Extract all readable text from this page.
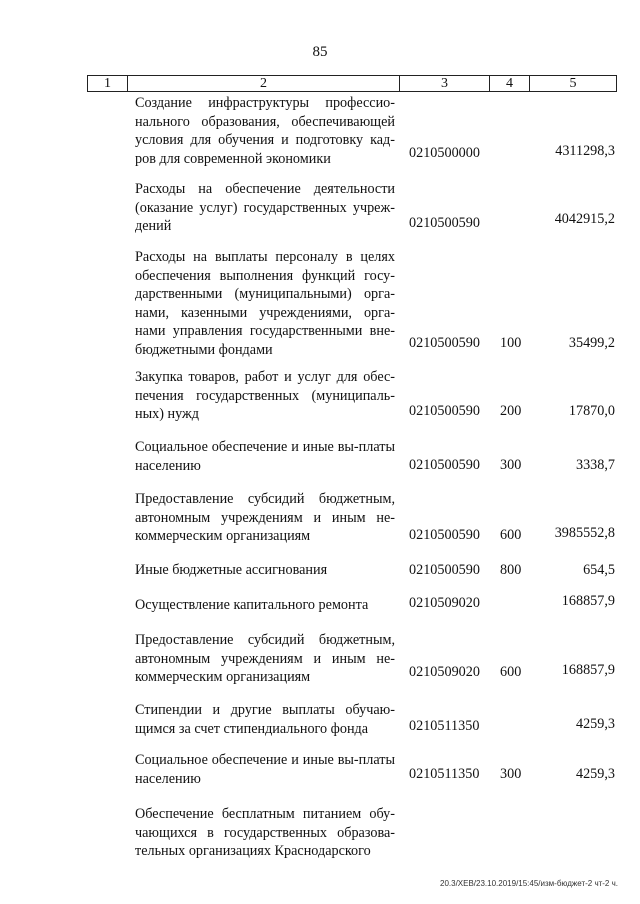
85
1	2	3	4	5
Создание инфраструктуры профессио-нального образования, обеспечивающей условия для обучения и подготовку кад-ров для современной экономики	0210500000	4311298,3
Расходы на обеспечение деятельности (оказание услуг) государственных учреж-дений	0210500590	4042915,2
Расходы на выплаты персоналу в целях обеспечения выполнения функций госу-дарственными (муниципальными) орга-нами, казенными учреждениями, орга-нами управления государственными вне-бюджетными фондами	0210500590 100	35499,2
Закупка товаров, работ и услуг для обес-печения государственных (муниципаль-ных) нужд	0210500590 200	17870,0
Социальное обеспечение и иные вы-платы населению	0210500590 300	3338,7
Предоставление субсидий бюджетным, автономным учреждениям и иным не-коммерческим организациям	0210500590 600 3985552,8
Иные бюджетные ассигнования	0210500590 800	654,5
Осуществление капитального ремонта	0210509020	168857,9
Предоставление субсидий бюджетным, автономным учреждениям и иным не-коммерческим организациям	0210509020 600	168857,9
Стипендии и другие выплаты обучаю-щимся за счет стипендиального фонда	0210511350	4259,3
Социальное обеспечение и иные вы-платы населению	0210511350 300	4259,3
Обеспечение бесплатным питанием обу-чающихся в государственных образова-тельных организациях Краснодарского
20.3/ХЕВ/23.10.2019/15:45/изм-бюджет-2 чт-2 ч.
